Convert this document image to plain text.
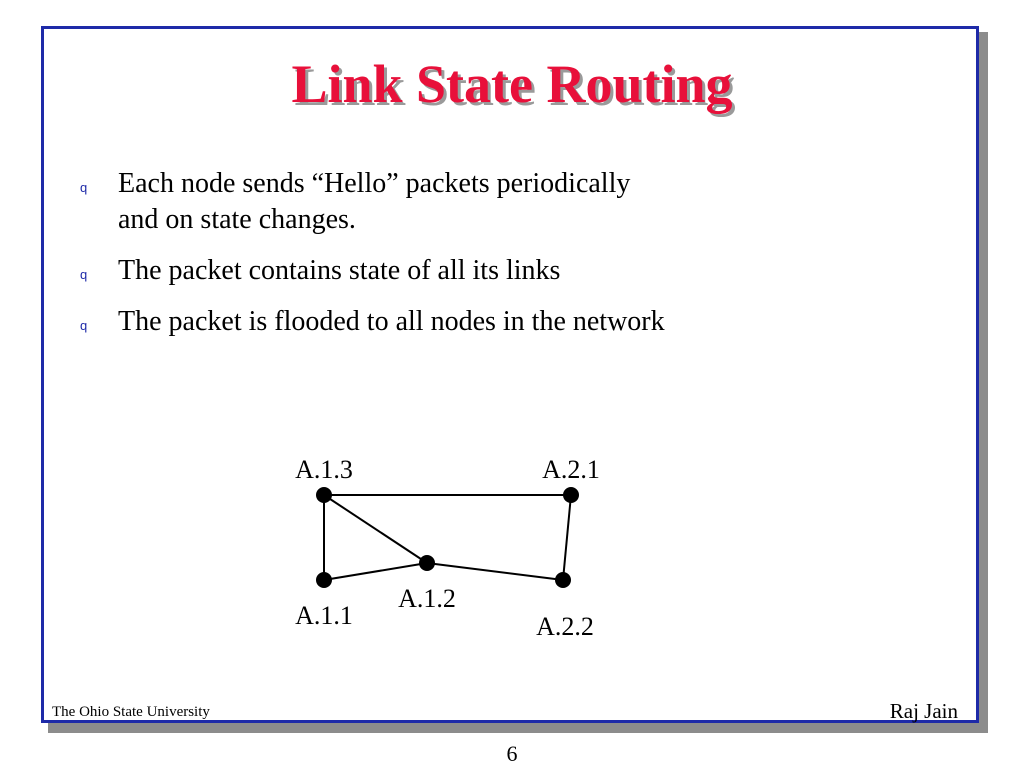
Link State Routing
q Each node sends “Hello” packets periodically
and on state changes.
q The packet contains state of all its links
q The packet is flooded to all nodes in the network
A.1.3	A.2.1
A.1.2
A.1.1	A.2.2
The Ohio State University	Raj Jain
6
